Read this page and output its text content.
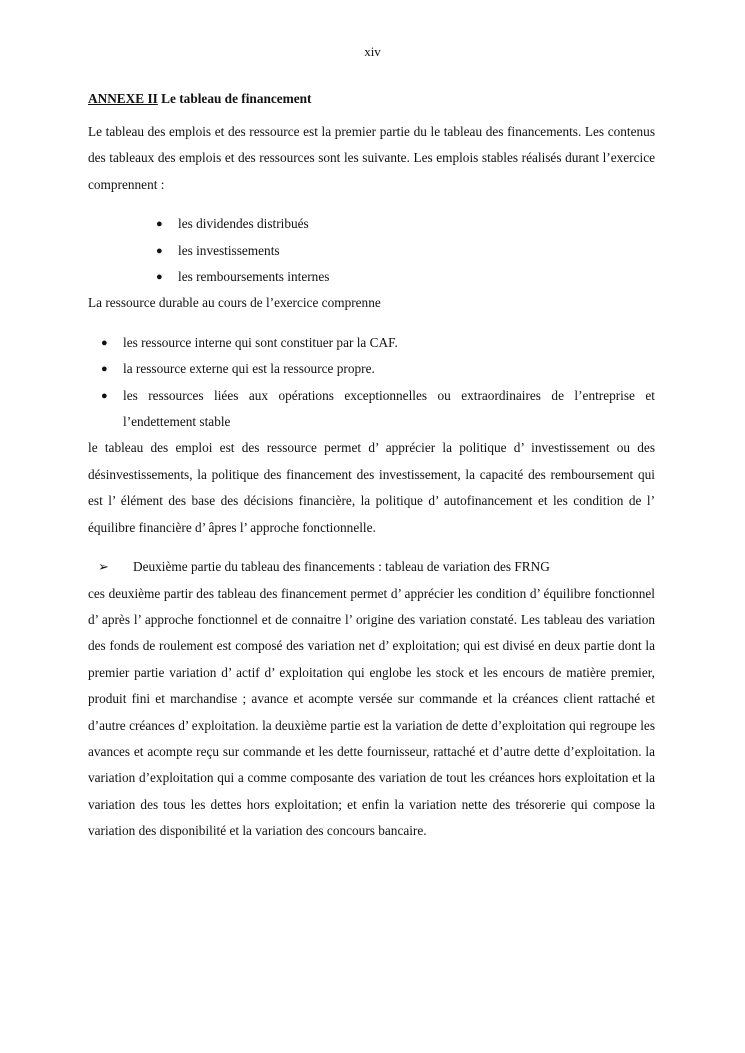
xiv
ANNEXE II Le tableau de financement

Le tableau des emplois et des ressource est la premier partie du le tableau des financements. Les contenus des tableaux des emplois et des ressources sont les suivante. Les emplois stables réalisés durant l’exercice comprennent :

● les dividendes distribués
● les investissements
● les remboursements internes

La ressource durable au cours de l’exercice comprenne

● les ressource interne qui sont constituer par la CAF.
● la ressource externe qui est la ressource propre.
● les ressources liées aux opérations exceptionnelles ou extraordinaires de l’entreprise et l’endettement stable

le tableau des emploi est des ressource permet d’ apprécier la politique d’ investissement ou des désinvestissements, la politique des financement des investissement, la capacité des remboursement qui est l’ élément des base des décisions financière, la politique d’ autofinancement et les condition de l’ équilibre financière d’ âpres l’ approche fonctionnelle.

➢ Deuxième partie du tableau des financements : tableau de variation des FRNG

ces deuxième partir des tableau des financement permet d’ apprécier les condition d’ équilibre fonctionnel d’ après l’ approche fonctionnel et de connaitre l’ origine des variation constaté. Les tableau des variation des fonds de roulement est composé des variation net d’ exploitation; qui est divisé en deux partie dont la premier partie variation d’ actif d’ exploitation qui englobe les stock et les encours de matière premier, produit fini et marchandise ; avance et acompte versée sur commande et la créances client rattaché et d’autre créances d’ exploitation. la deuxième partie est la variation de dette d’exploitation qui regroupe les avances et acompte reçu sur commande et les dette fournisseur, rattaché et d’autre dette d’exploitation. la variation d’exploitation qui a comme composante des variation de tout les créances hors exploitation et la variation des tous les dettes hors exploitation; et enfin la variation nette des trésorerie qui compose la variation des disponibilité et la variation des concours bancaire.
